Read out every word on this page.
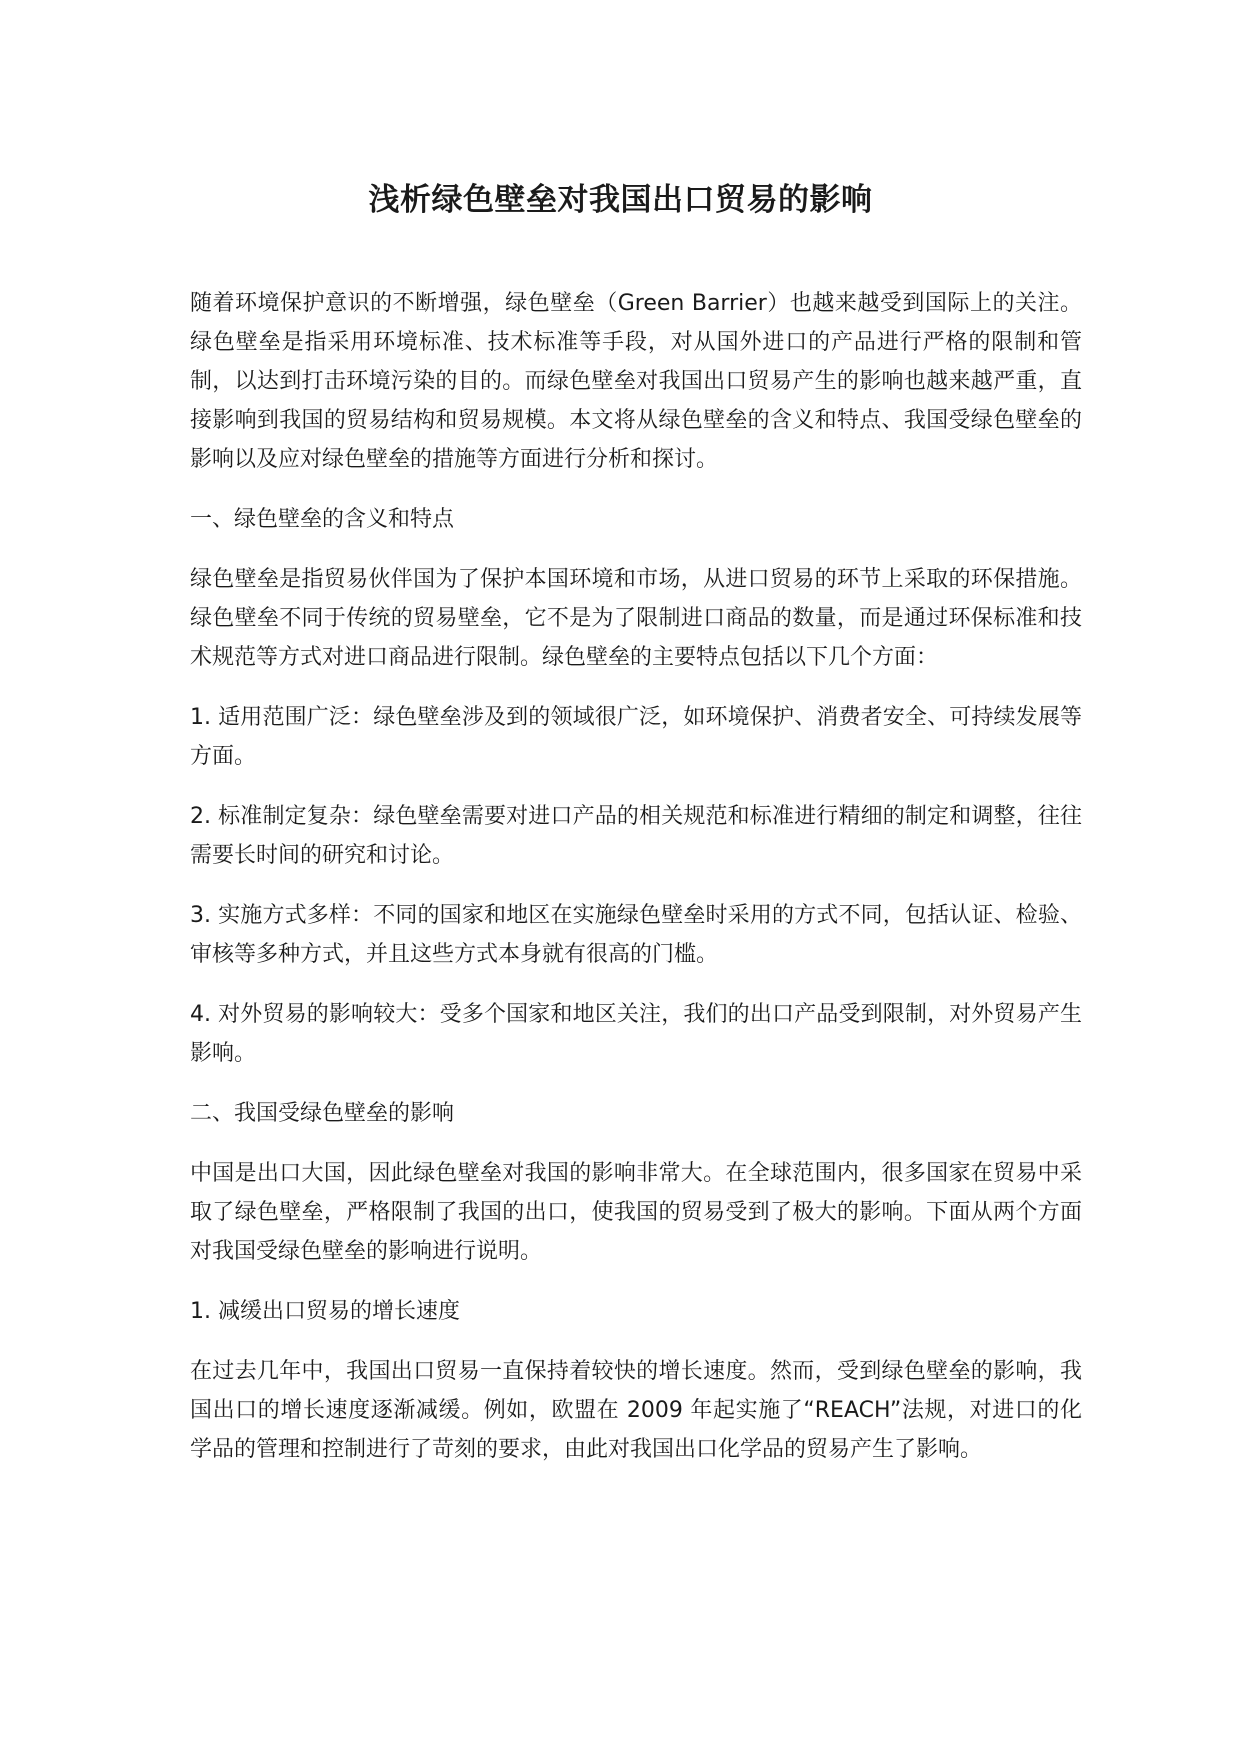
浅析绿色壁垒对我国出口贸易的影响

随着环境保护意识的不断增强，绿色壁垒（Green Barrier）也越来越受到国际上的关注。绿色壁垒是指采用环境标准、技术标准等手段，对从国外进口的产品进行严格的限制和管制，以达到打击环境污染的目的。而绿色壁垒对我国出口贸易产生的影响也越来越严重，直接影响到我国的贸易结构和贸易规模。本文将从绿色壁垒的含义和特点、我国受绿色壁垒的影响以及应对绿色壁垒的措施等方面进行分析和探讨。

一、绿色壁垒的含义和特点

绿色壁垒是指贸易伙伴国为了保护本国环境和市场，从进口贸易的环节上采取的环保措施。绿色壁垒不同于传统的贸易壁垒，它不是为了限制进口商品的数量，而是通过环保标准和技术规范等方式对进口商品进行限制。绿色壁垒的主要特点包括以下几个方面：

1. 适用范围广泛：绿色壁垒涉及到的领域很广泛，如环境保护、消费者安全、可持续发展等方面。

2. 标准制定复杂：绿色壁垒需要对进口产品的相关规范和标准进行精细的制定和调整，往往需要长时间的研究和讨论。

3. 实施方式多样：不同的国家和地区在实施绿色壁垒时采用的方式不同，包括认证、检验、审核等多种方式，并且这些方式本身就有很高的门槛。

4. 对外贸易的影响较大：受多个国家和地区关注，我们的出口产品受到限制，对外贸易产生影响。

二、我国受绿色壁垒的影响

中国是出口大国，因此绿色壁垒对我国的影响非常大。在全球范围内，很多国家在贸易中采取了绿色壁垒，严格限制了我国的出口，使我国的贸易受到了极大的影响。下面从两个方面对我国受绿色壁垒的影响进行说明。

1. 减缓出口贸易的增长速度

在过去几年中，我国出口贸易一直保持着较快的增长速度。然而，受到绿色壁垒的影响，我国出口的增长速度逐渐减缓。例如，欧盟在 2009 年起实施了“REACH”法规，对进口的化学品的管理和控制进行了苛刻的要求，由此对我国出口化学品的贸易产生了影响。
